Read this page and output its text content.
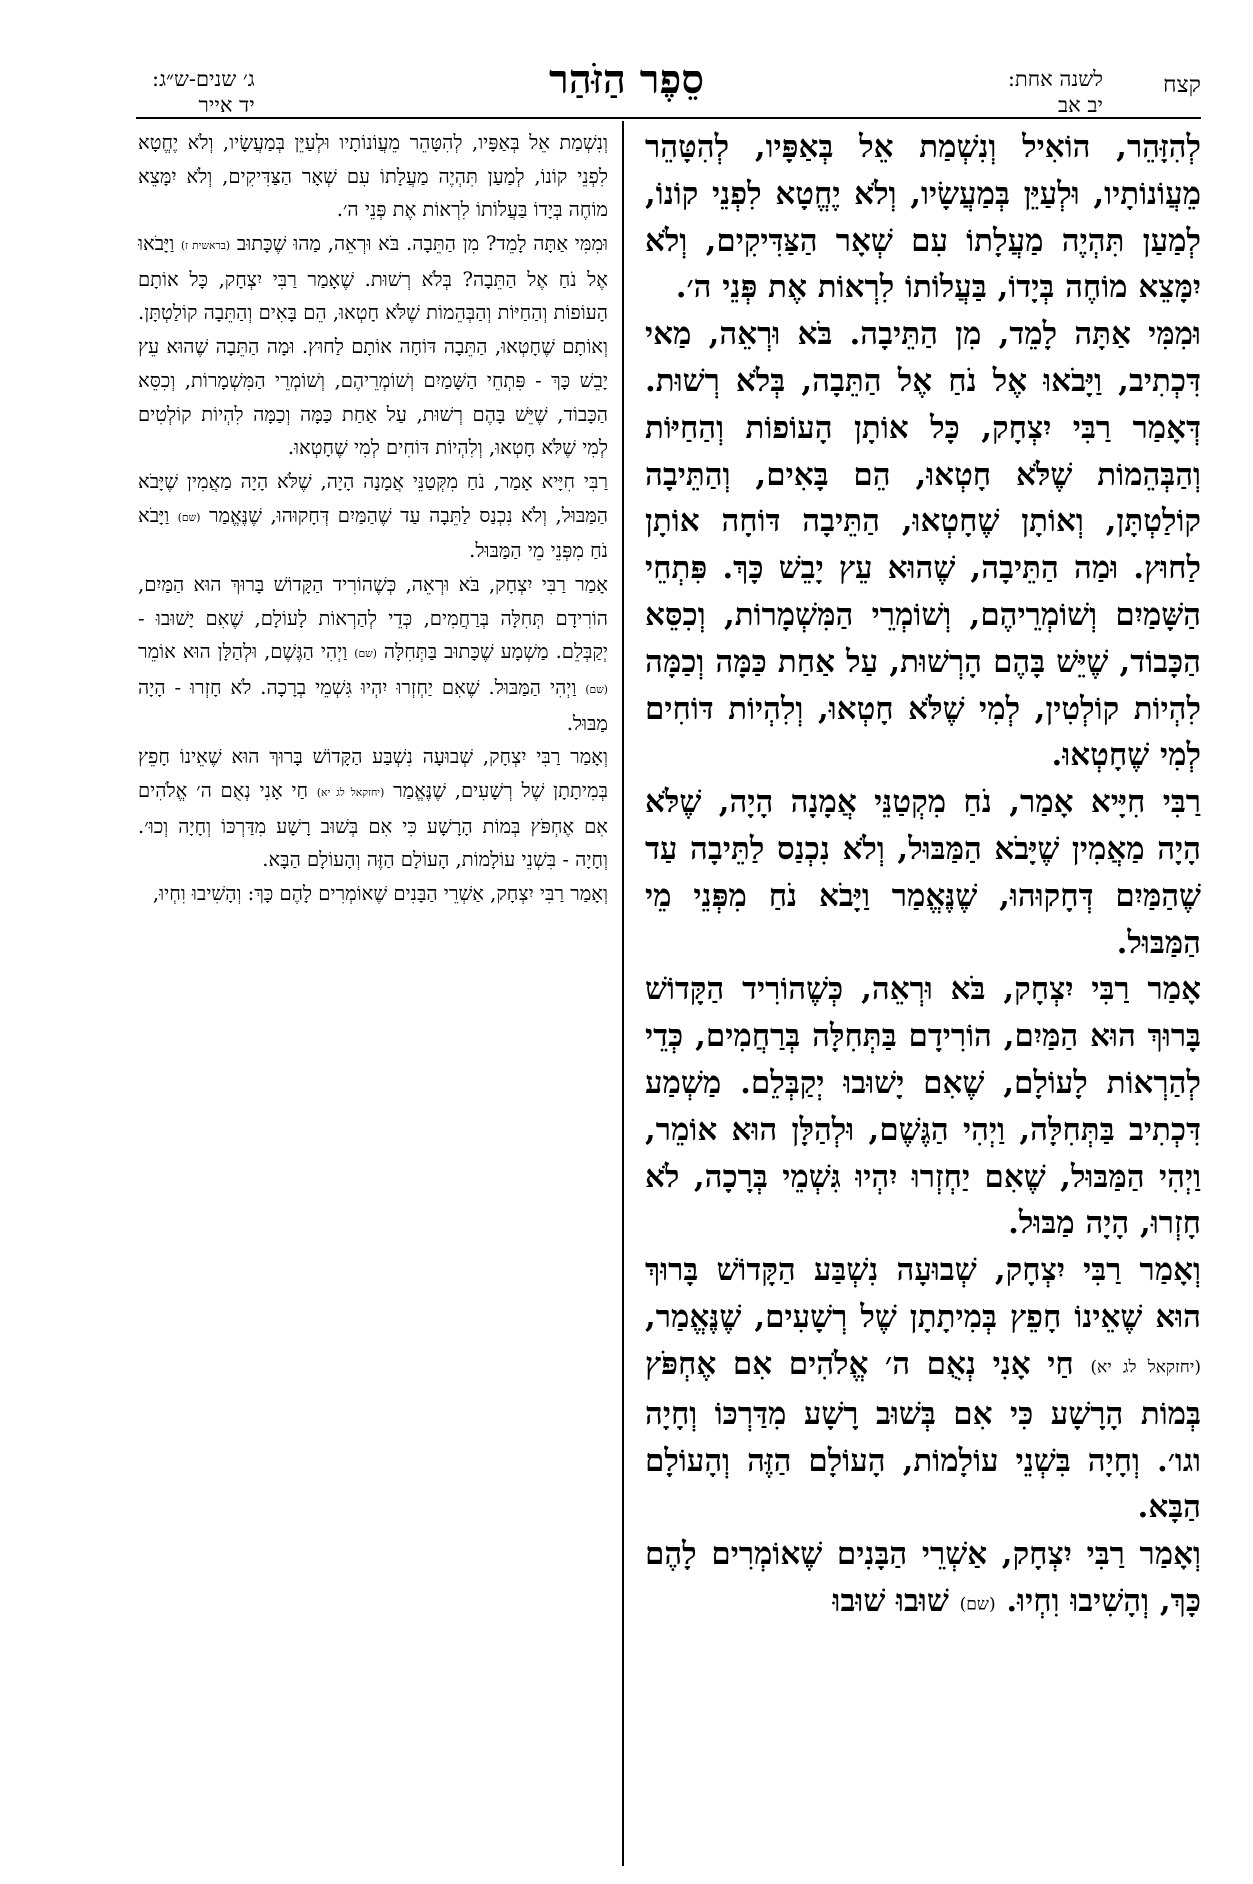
קצח
לשנה אחת:
יב אב
סֵפֶר הַזֹּהַר
ג׳ שנים-ש״ג:
יד אייר

לְהִזָּהֵר, הוֹאִיל וְנִשְׁמַת אֵל בְּאַפָּיו, לְהִטָּהֵר מֵעֲוֹנוֹתָיו, וּלְעַיֵּן בְּמַעֲשָׂיו, וְלֹא יֶחֱטָא לִפְנֵי קוֹנוֹ, לְמַעַן תִּהְיֶה מַעֲלָתוֹ עִם שְׁאָר הַצַּדִּיקִים, וְלֹא יִמָּצֵא מוֹחֶה בְּיָדוֹ, בַּעֲלוֹתוֹ לִרְאוֹת אֶת פְּנֵי ה׳.

וּמִמִּי אַתָּה לָמֵד, מִן הַתֵּיבָה. בֹּא וּרְאֵה, מַאי דִּכְתִיב, וַיָּבֹאוּ אֶל נֹחַ אֶל הַתֵּבָה, בְּלֹא רְשׁוּת. דְּאָמַר רַבִּי יִצְחָק, כָּל אוֹתָן הָעוֹפוֹת וְהַחַיּוֹת וְהַבְּהֵמוֹת שֶׁלֹּא חָטְאוּ, הֵם בָּאִים, וְהַתֵּיבָה קוֹלַטְתָּן, וְאוֹתָן שֶׁחָטְאוּ, הַתֵּיבָה דּוֹחָה אוֹתָן לַחוּץ. וּמַה הַתֵּיבָה, שֶׁהוּא עֵץ יָבֵשׁ כָּךְ. פִּתְחֵי הַשָּׁמַיִם וְשׁוֹמְרֵיהֶם, וְשׁוֹמְרֵי הַמִּשְׁמָרוֹת, וְכִסֵּא הַכָּבוֹד, שֶׁיֵּשׁ בָּהֶם הָרְשׁוּת, עַל אַחַת כַּמָּה וְכַמָּה לִהְיוֹת קוֹלְטִין, לְמִי שֶׁלֹּא חָטְאוּ, וְלִהְיוֹת דּוֹחִים לְמִי שֶׁחָטְאוּ.

רַבִּי חִיָּיא אָמַר, נֹחַ מִקְטַנֵּי אֲמָנָה הָיָה, שֶׁלֹּא הָיָה מַאֲמִין שֶׁיָּבֹא הַמַּבּוּל, וְלֹא נִכְנַס לַתֵּיבָה עַד שֶׁהַמַּיִם דְּחָקוּהוּ, שֶׁנֶּאֱמַר וַיָּבֹא נֹחַ מִפְּנֵי מֵי הַמַּבּוּל.

אָמַר רַבִּי יִצְחָק, בֹּא וּרְאֵה, כְּשֶׁהוֹרִיד הַקָּדוֹשׁ בָּרוּךְ הוּא הַמַּיִם, הוֹרִידָם בַּתְּחִלָּה בְּרַחֲמִים, כְּדֵי לְהַרְאוֹת לָעוֹלָם, שֶׁאִם יָשׁוּבוּ יְקַבְּלֵם. מַשְׁמַע דִּכְתִיב בַּתְּחִלָּה, וַיְהִי הַגֶּשֶׁם, וּלְהַלָּן הוּא אוֹמֵר, וַיְהִי הַמַּבּוּל, שֶׁאִם יַחְזְרוּ יִהְיוּ גִּשְׁמֵי בְּרָכָה, לֹא חָזְרוּ, הָיָה מַבּוּל.

וְאָמַר רַבִּי יִצְחָק, שְׁבוּעָה נִשְׁבַּע הַקָּדוֹשׁ בָּרוּךְ הוּא שֶׁאֵינוֹ חָפֵץ בְּמִיתָתָן שֶׁל רְשָׁעִים, שֶׁנֶּאֱמַר, (יחזקאל לג יא) חַי אָנִי נְאֻם ה׳ אֱלֹהִים אִם אֶחְפֹּץ בְּמוֹת הָרָשָׁע כִּי אִם בְּשׁוּב רָשָׁע מִדַּרְכּוֹ וְחָיָה וגו׳. וְחָיָה בִּשְׁנֵי עוֹלָמוֹת, הָעוֹלָם הַזֶּה וְהָעוֹלָם הַבָּא.

וְאָמַר רַבִּי יִצְחָק, אַשְׁרֵי הַבָּנִים שֶׁאוֹמְרִים לָהֶם כָּךְ, וְהָשִׁיבוּ וִחְיוּ. (שם) שׁוּבוּ שׁוּבוּ

וְנִשְׁמַת אֵל בְּאַפָּיו, לְהִטָּהֵר מֵעֲוֹנוֹתָיו וּלְעַיֵּן בְּמַעֲשָׂיו, וְלֹא יֶחֱטָא לִפְנֵי קוֹנוֹ, לְמַעַן תִּהְיֶה מַעֲלָתוֹ עִם שְׁאָר הַצַּדִּיקִים, וְלֹא יִמָּצֵא מוֹחֶה בְּיָדוֹ בַּעֲלוֹתוֹ לִרְאוֹת אֶת פְּנֵי ה׳.

וּמִמִּי אַתָּה לָמֵד? מִן הַתֵּבָה. בֹּא וּרְאֵה, מַהוּ שֶׁכָּתוּב (בראשית ז) וַיָּבֹאוּ אֶל נֹחַ אֶל הַתֵּבָה? בְּלֹא רְשׁוּת. שֶׁאָמַר רַבִּי יִצְחָק, כָּל אוֹתָם הָעוֹפוֹת וְהַחַיּוֹת וְהַבְּהֵמוֹת שֶׁלֹּא חָטְאוּ, הֵם בָּאִים וְהַתֵּבָה קוֹלַטְתָּן. וְאוֹתָם שֶׁחָטְאוּ, הַתֵּבָה דּוֹחָה אוֹתָם לַחוּץ. וּמָה הַתֵּבָה שֶׁהוּא עֵץ יָבֵשׁ כָּךְ - פִּתְחֵי הַשָּׁמַיִם וְשׁוֹמְרֵיהֶם, וְשׁוֹמְרֵי הַמִּשְׁמָרוֹת, וְכִסֵּא הַכָּבוֹד, שֶׁיֵּשׁ בָּהֶם רְשׁוּת, עַל אַחַת כַּמָּה וְכַמָּה לִהְיוֹת קוֹלְטִים לְמִי שֶׁלֹּא חָטְאוּ, וְלִהְיוֹת דּוֹחִים לְמִי שֶׁחָטְאוּ.

רַבִּי חִיָּיא אָמַר, נֹחַ מִקְּטַנֵּי אֲמָנָה הָיָה, שֶׁלֹּא הָיָה מַאֲמִין שֶׁיָּבֹא הַמַּבּוּל, וְלֹא נִכְנַס לַתֵּבָה עַד שֶׁהַמַּיִם דְּחָקוּהוּ, שֶׁנֶּאֱמַר (שם) וַיָּבֹא נֹחַ מִפְּנֵי מֵי הַמַּבּוּל.

אָמַר רַבִּי יִצְחָק, בֹּא וּרְאֵה, כְּשֶׁהוֹרִיד הַקָּדוֹשׁ בָּרוּךְ הוּא הַמַּיִם, הוֹרִידָם תְּחִלָּה בְּרַחֲמִים, כְּדֵי לְהַרְאוֹת לָעוֹלָם, שֶׁאִם יָשׁוּבוּ - יְקַבְּלֵם. מַשְׁמָע שֶׁכָּתוּב בַּתְּחִלָּה (שם) וַיְהִי הַגֶּשֶׁם, וּלְהַלָּן הוּא אוֹמֵר (שם) וַיְהִי הַמַּבּוּל. שֶׁאִם יַחְזְרוּ יִהְיוּ גִּשְׁמֵי בְרָכָה. לֹא חָזְרוּ - הָיָה מַבּוּל.

וְאָמַר רַבִּי יִצְחָק, שְׁבוּעָה נִשְׁבַּע הַקָּדוֹשׁ בָּרוּךְ הוּא שֶׁאֵינוֹ חָפֵץ בְּמִיתָתָן שֶׁל רְשָׁעִים, שֶׁנֶּאֱמַר (יחזקאל לג יא) חַי אָנִי נְאֻם ה׳ אֱלֹהִים אִם אֶחְפֹּץ בְּמוֹת הָרָשָׁע כִּי אִם בְּשׁוּב רָשָׁע מִדַּרְכּוֹ וְחָיָה וְכוּ׳. וְחָיָה - בִּשְׁנֵי עוֹלָמוֹת, הָעוֹלָם הַזֶּה וְהָעוֹלָם הַבָּא.

וְאָמַר רַבִּי יִצְחָק, אַשְׁרֵי הַבָּנִים שֶׁאוֹמְרִים לָהֶם כָּךְ: וְהָשִׁיבוּ וִחְיוּ,
